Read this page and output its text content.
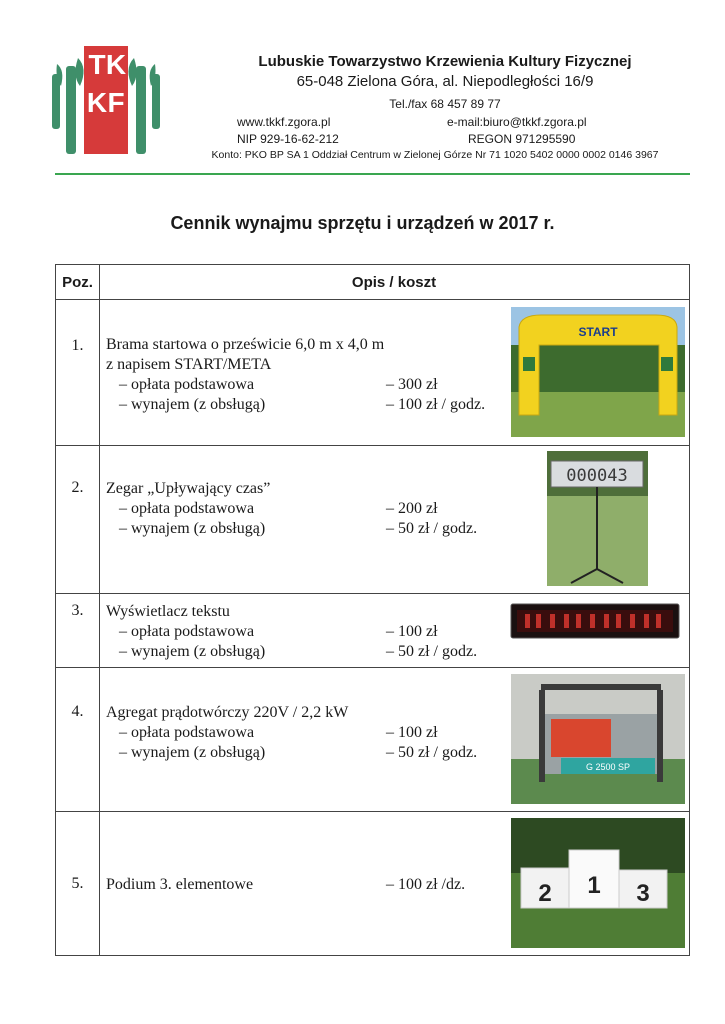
T K
K F
Lubuskie Towarzystwo Krzewienia Kultury Fizycznej
65-048 Zielona Góra, al. Niepodległości 16/9
Tel./fax 68 457 89 77
www.tkkf.zgora.pl	e-mail:biuro@tkkf.zgora.pl
NIP 929-16-62-212	REGON 971295590
Konto: PKO BP SA 1 Oddział Centrum w Zielonej Górze Nr 71 1020 5402 0000 0002 0146 3967
Cennik wynajmu sprzętu i urządzeń w 2017 r.
Poz.	Opis / koszt
1.	Brama startowa o prześwicie 6,0 m x 4,0 m
z napisem START/META
– opłata podstawowa	– 300 zł
– wynajem (z obsługą)	– 100 zł / godz.
START
2.	Zegar „Upływający czas”
– opłata podstawowa	– 200 zł
– wynajem (z obsługą)	– 50 zł / godz.
000043
3.	Wyświetlacz tekstu
– opłata podstawowa	– 100 zł
– wynajem (z obsługą)	– 50 zł / godz.
4.	Agregat prądotwórczy 220V / 2,2 kW
– opłata podstawowa	– 100 zł
– wynajem (z obsługą)	– 50 zł / godz.
G 2500 SP
5.	Podium 3. elementowe	– 100 zł /dz.	2 1 3
